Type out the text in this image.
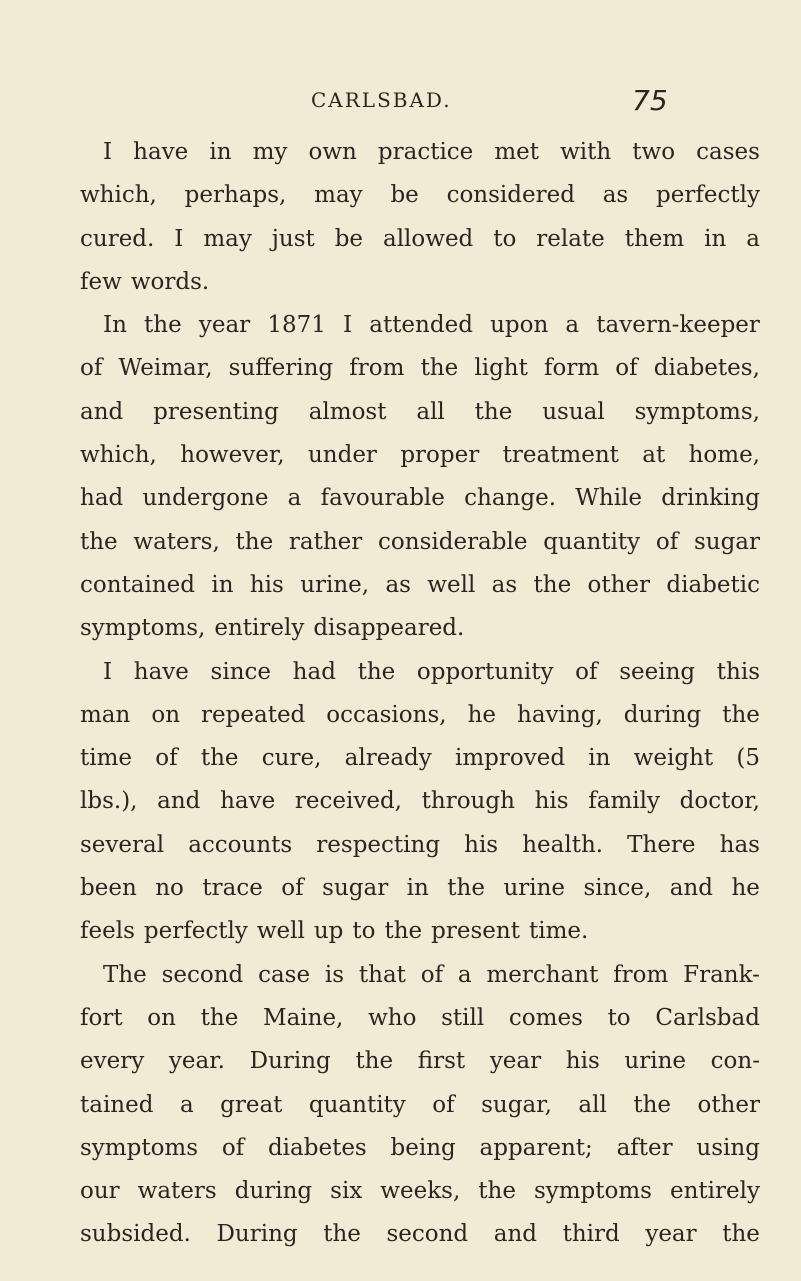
CARLSBAD.	75
I have in my own practice met with two cases
which, perhaps, may be considered as perfectly
cured. I may just be allowed to relate them in a
few words.
In the year 1871 I attended upon a tavern-keeper
of Weimar, suffering from the light form of diabetes,
and presenting almost all the usual symptoms,
which, however, under proper treatment at home,
had undergone a favourable change. While drinking
the waters, the rather considerable quantity of sugar
contained in his urine, as well as the other diabetic
symptoms, entirely disappeared.
I have since had the opportunity of seeing this
man on repeated occasions, he having, during the
time of the cure, already improved in weight (5
lbs.), and have received, through his family doctor,
several accounts respecting his health. There has
been no trace of sugar in the urine since, and he
feels perfectly well up to the present time.
The second case is that of a merchant from Frank-
fort on the Maine, who still comes to Carlsbad
every year. During the first year his urine con-
tained a great quantity of sugar, all the other
symptoms of diabetes being apparent; after using
our waters during six weeks, the symptoms entirely
subsided. During the second and third year the
